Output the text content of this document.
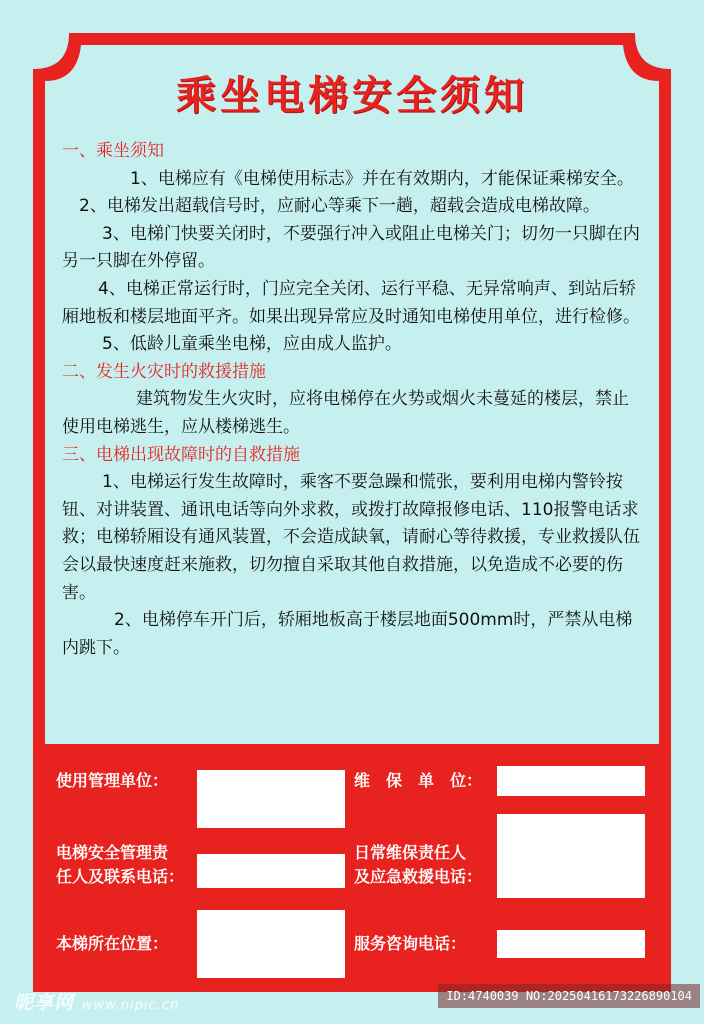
乘坐电梯安全须知

一、乘坐须知

1、电梯应有《电梯使用标志》并在有效期内，才能保证乘梯安全。

2、电梯发出超载信号时，应耐心等乘下一趟，超载会造成电梯故障。

3、电梯门快要关闭时，不要强行冲入或阻止电梯关门；切勿一只脚在内另一只脚在外停留。

4、电梯正常运行时，门应完全关闭、运行平稳、无异常响声、到站后轿厢地板和楼层地面平齐。如果出现异常应及时通知电梯使用单位，进行检修。

5、低龄儿童乘坐电梯，应由成人监护。

二、发生火灾时的救援措施

建筑物发生火灾时，应将电梯停在火势或烟火未蔓延的楼层，禁止使用电梯逃生，应从楼梯逃生。

三、电梯出现故障时的自救措施

1、电梯运行发生故障时，乘客不要急躁和慌张，要利用电梯内警铃按钮、对讲装置、通讯电话等向外求救，或拨打故障报修电话、110报警电话求救；电梯轿厢设有通风装置，不会造成缺氧，请耐心等待救援，专业救援队伍会以最快速度赶来施救，切勿擅自采取其他自救措施，以免造成不必要的伤害。

2、电梯停车开门后，轿厢地板高于楼层地面500mm时，严禁从电梯内跳下。

使用管理单位：	维　保　单　位：
电梯安全管理责
任人及联系电话：
日常维保责任人
及应急救援电话：
本梯所在位置：	服务咨询电话：
昵享网 www.nipic.cn
ID:4740039 NO:20250416173226890104
